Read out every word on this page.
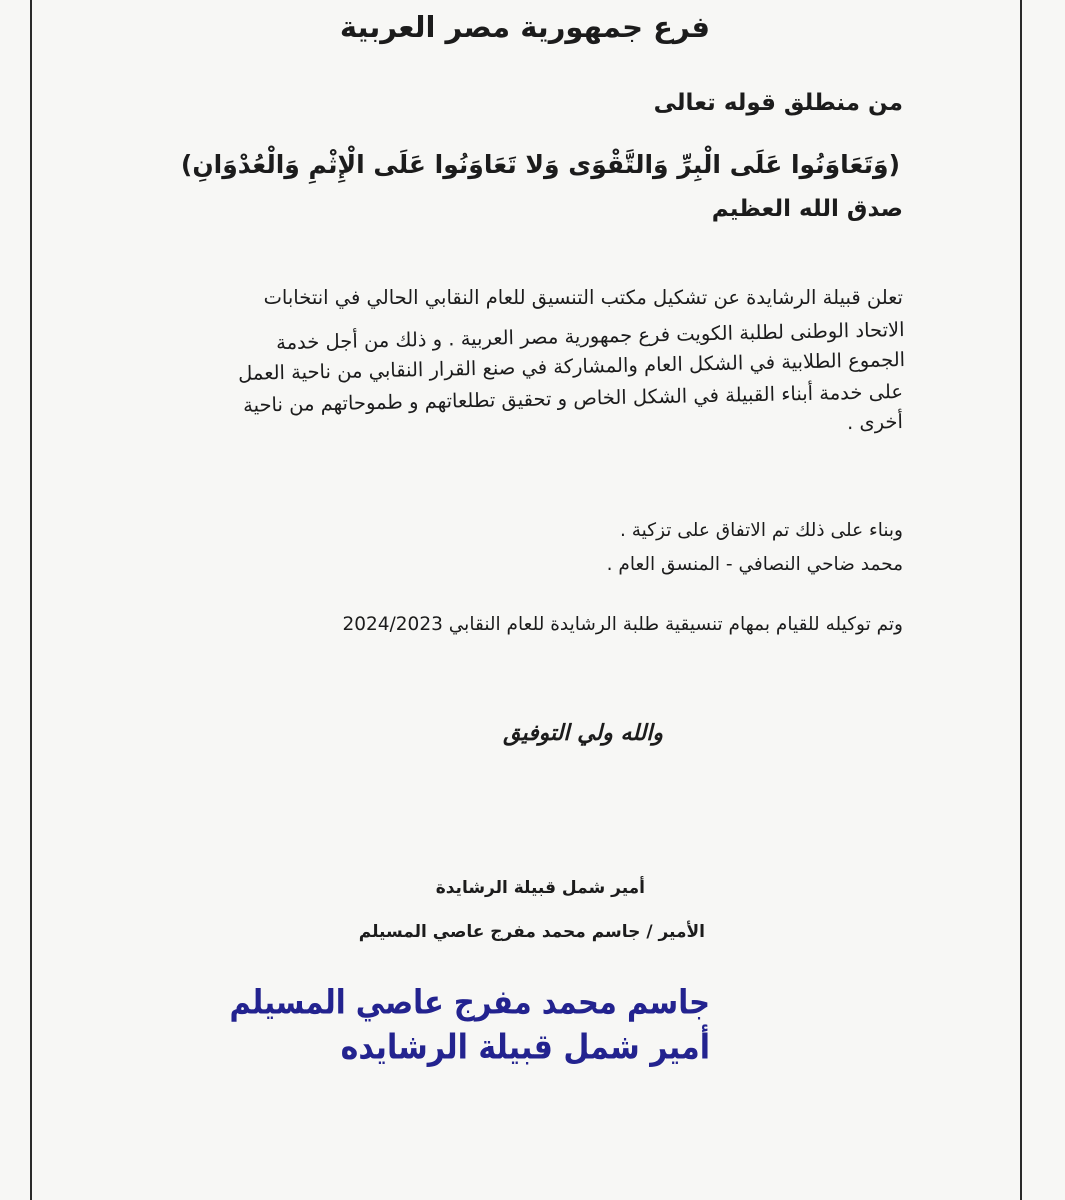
فرع جمهورية مصر العربية
من منطلق قوله تعالى
(وَتَعَاوَنُوا عَلَى الْبِرِّ وَالتَّقْوَى وَلا تَعَاوَنُوا عَلَى الْإِثْمِ وَالْعُدْوَانِ)
صدق الله العظيم
تعلن قبيلة الرشايدة عن تشكيل مكتب التنسيق للعام النقابي الحالي في انتخابات
الاتحاد الوطنى لطلبة الكويت فرع جمهورية مصر العربية . و ذلك من أجل خدمة
الجموع الطلابية في الشكل العام والمشاركة في صنع القرار النقابي من ناحية العمل
على خدمة أبناء القبيلة في الشكل الخاص و تحقيق تطلعاتهم و طموحاتهم من ناحية
أخرى .
وبناء على ذلك تم الاتفاق على تزكية .
محمد ضاحي النصافي - المنسق العام .
وتم توكيله للقيام بمهام تنسيقية طلبة الرشايدة للعام النقابي 2024/2023
والله ولي التوفيق
أمير شمل قبيلة الرشايدة
الأمير / جاسم محمد مفرج عاصي المسيلم
جاسم محمد مفرج عاصي المسيلم
أمير شمل قبيلة الرشايده
